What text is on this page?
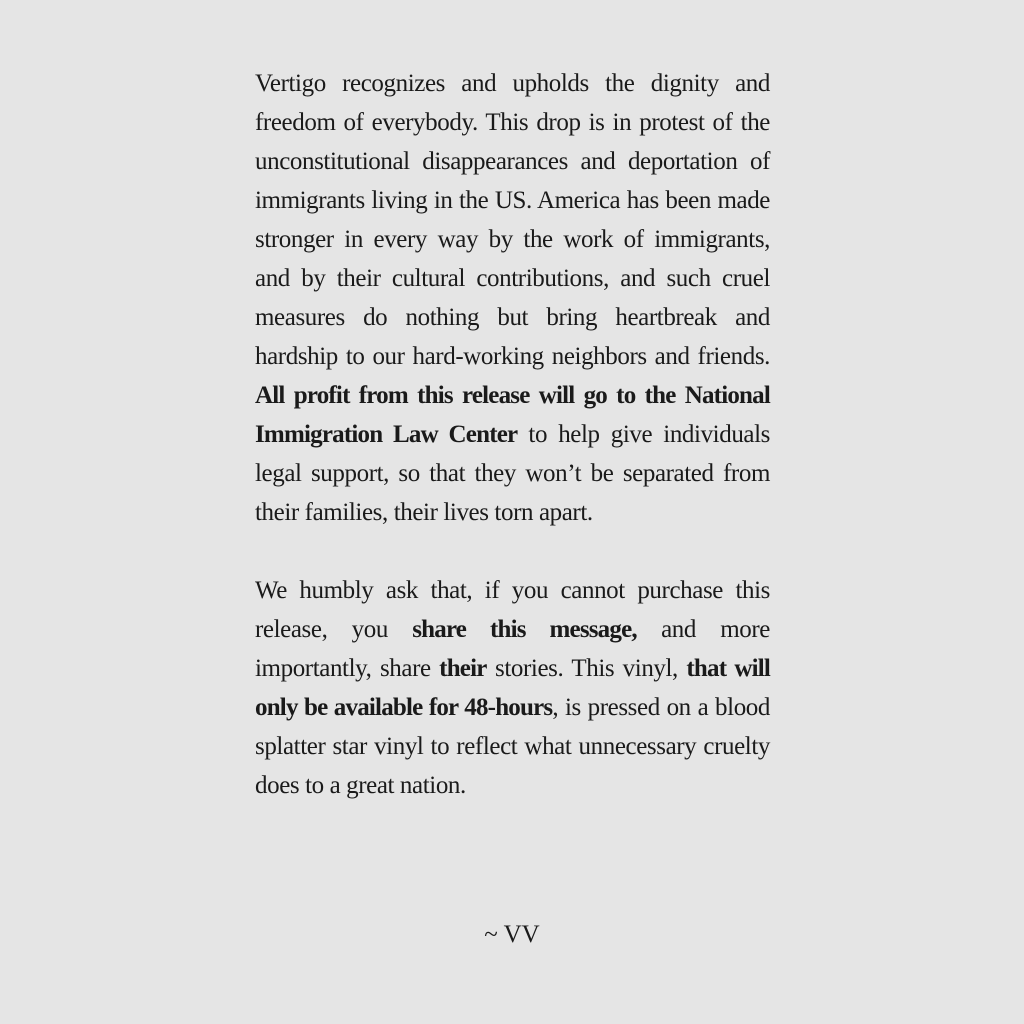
Vertigo recognizes and upholds the dignity and freedom of everybody. This drop is in protest of the unconstitutional disappearances and deportation of immigrants living in the US. America has been made stronger in every way by the work of immigrants, and by their cultural contributions, and such cruel measures do nothing but bring heartbreak and hardship to our hard-working neighbors and friends. All profit from this release will go to the National Immigration Law Center to help give individuals legal support, so that they won’t be separated from their families, their lives torn apart.

We humbly ask that, if you cannot purchase this release, you share this message, and more importantly, share their stories. This vinyl, that will only be available for 48-hours, is pressed on a blood splatter star vinyl to reflect what unnecessary cruelty does to a great nation.

~ VV
